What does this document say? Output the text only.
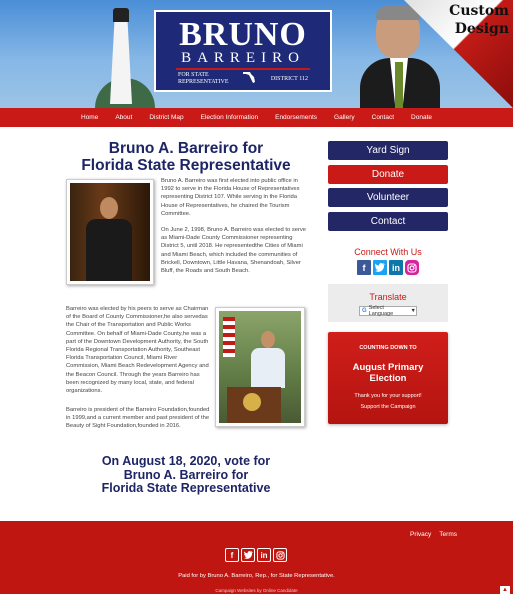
BRUNO
BARREIRO
FOR STATE
REPRESENTATIVE	DISTRICT 112
Custom
Design
Home	About	District Map	Election Information	Endorsements	Gallery	Contact	Donate
Bruno A. Barreiro for
Florida State Representative

Bruno A. Barreiro was first elected into public office in 1992 to serve in the Florida House of Representatives representing District 107. While serving in the Florida House of Representatives, he chaired the Tourism Committee.

On June 2, 1998, Bruno A. Barreiro was elected to serve as Miami-Dade County Commissioner representing District 5, until 2018. He representedthe Cities of Miami and Miami Beach, which included the communities of Brickell, Downtown, Little Havana, Shenandoah, Silver Bluff, the Roads and South Beach.

Barreiro was elected by his peers to serve as Chairman of the Board of County Commissioner,he also servedas the Chair of the Transportation and Public Works Committee. On behalf of Miami-Dade County,he was a part of the Downtown Development Authority, the South Florida Regional Transportation Authority, Southeast Florida Transportation Council, Miami River Commission, Miami Beach Redevelopment Agency and the Beacon Council. Through the years Barreiro has been recognized by many local, state, and federal organizations.

Barreiro is president of the Barreiro Foundation,founded in 1999,and a current member and past president of the Beauty of Sight Foundation,founded in 2016.

On August 18, 2020, vote for
Bruno A. Barreiro for
Florida State Representative
Yard Sign
Donate
Volunteer
Contact
Connect With Us
f	in
Translate
G Select Language	▼
COUNTING DOWN TO
August Primary
Election
Thank you for your support!
Support the Campaign
Privacy Terms
f	in
Paid for by Bruno A. Barreiro, Rep., for State Representative.
Campaign Websites by Online Candidate	▲
